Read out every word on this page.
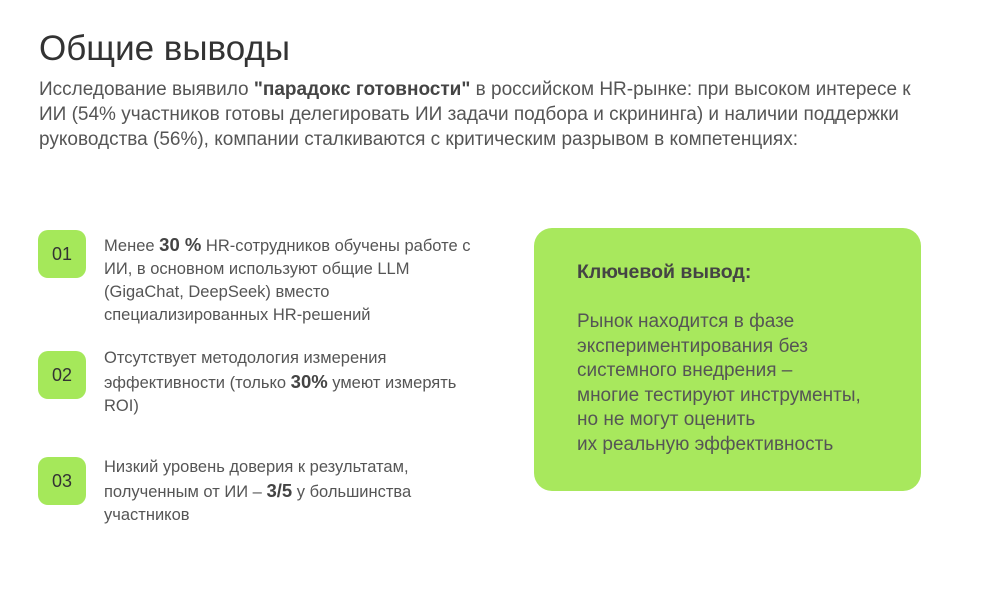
Общие выводы

Исследование выявило "парадокс готовности" в российском HR-рынке: при высоком интересе к ИИ (54% участников готовы делегировать ИИ задачи подбора и скрининга) и наличии поддержки руководства (56%), компании сталкиваются с критическим разрывом в компетенциях:

01	Менее 30 % HR-сотрудников обучены работе с ИИ, в основном используют общие LLM (GigaChat, DeepSeek) вместо специализированных HR-решений
02
Отсутствует методология измерения эффективности (только 30% умеют измерять ROI)
03
Низкий уровень доверия к результатам, полученным от ИИ – 3/5 у большинства участников
Ключевой вывод:

Рынок находится в фазе
экспериментирования без
системного внедрения –
многие тестируют инструменты,
но не могут оценить
их реальную эффективность
